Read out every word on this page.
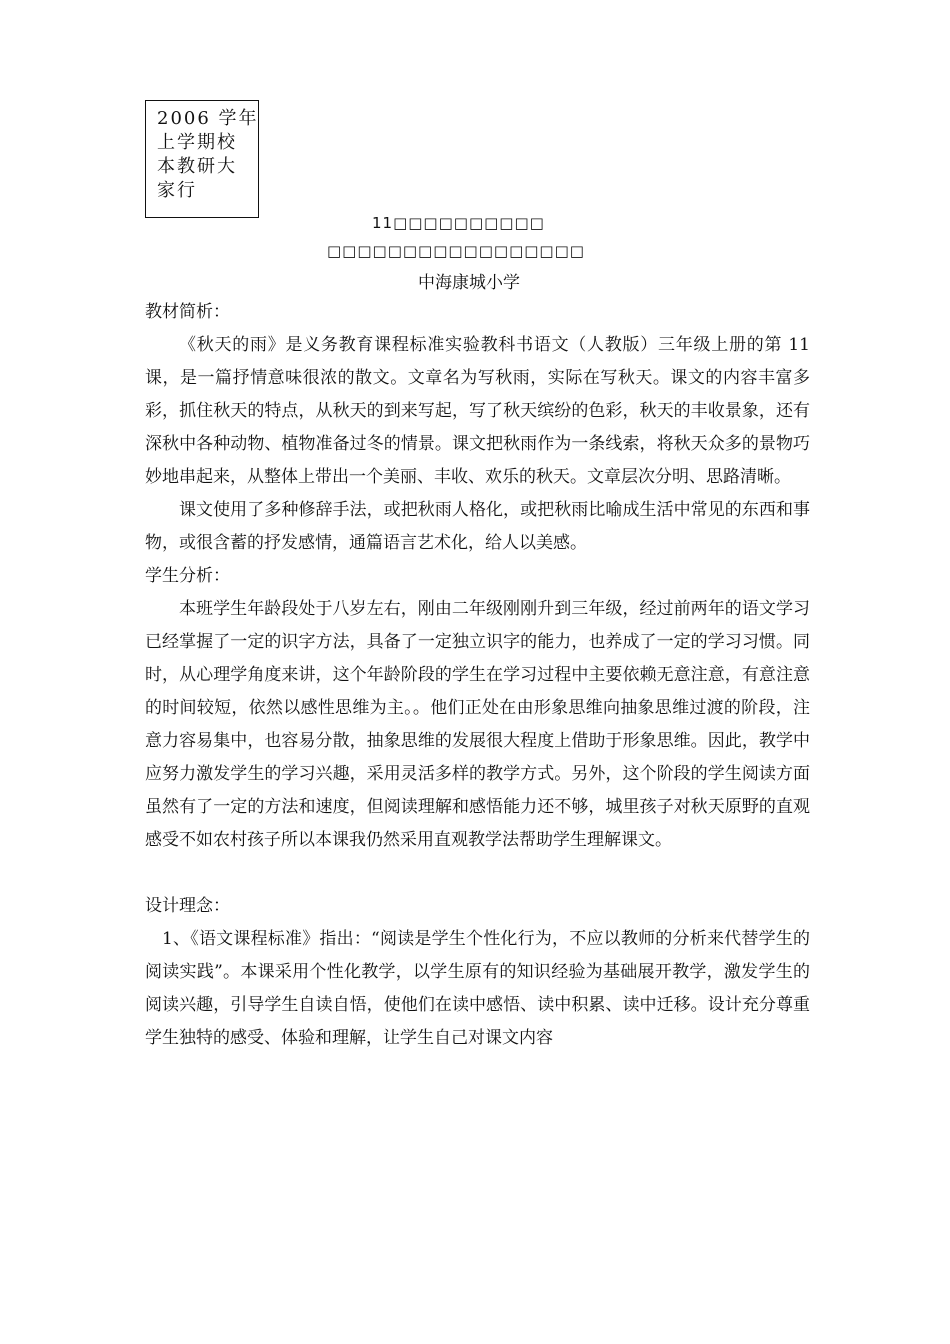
2006 学年
上学期校
本教研大
家行
11□□□□□□□□□□
□□□□□□□□□□□□□□□□□
中海康城小学

教材简析：

《秋天的雨》是义务教育课程标准实验教科书语文（人教版）三年级上册的第 11 课，是一篇抒情意味很浓的散文。文章名为写秋雨，实际在写秋天。课文的内容丰富多彩，抓住秋天的特点，从秋天的到来写起，写了秋天缤纷的色彩，秋天的丰收景象，还有深秋中各种动物、植物准备过冬的情景。课文把秋雨作为一条线索，将秋天众多的景物巧妙地串起来，从整体上带出一个美丽、丰收、欢乐的秋天。文章层次分明、思路清晰。

课文使用了多种修辞手法，或把秋雨人格化，或把秋雨比喻成生活中常见的东西和事物，或很含蓄的抒发感情，通篇语言艺术化，给人以美感。

学生分析：

本班学生年龄段处于八岁左右，刚由二年级刚刚升到三年级，经过前两年的语文学习已经掌握了一定的识字方法，具备了一定独立识字的能力，也养成了一定的学习习惯。同时，从心理学角度来讲，这个年龄阶段的学生在学习过程中主要依赖无意注意，有意注意的时间较短，依然以感性思维为主。。他们正处在由形象思维向抽象思维过渡的阶段，注意力容易集中，也容易分散，抽象思维的发展很大程度上借助于形象思维。因此，教学中应努力激发学生的学习兴趣，采用灵活多样的教学方式。另外，这个阶段的学生阅读方面虽然有了一定的方法和速度，但阅读理解和感悟能力还不够，城里孩子对秋天原野的直观感受不如农村孩子所以本课我仍然采用直观教学法帮助学生理解课文。

设计理念：

1、《语文课程标准》指出：“阅读是学生个性化行为，不应以教师的分析来代替学生的阅读实践”。本课采用个性化教学，以学生原有的知识经验为基础展开教学，激发学生的阅读兴趣，引导学生自读自悟，使他们在读中感悟、读中积累、读中迁移。设计充分尊重学生独特的感受、体验和理解，让学生自己对课文内容
